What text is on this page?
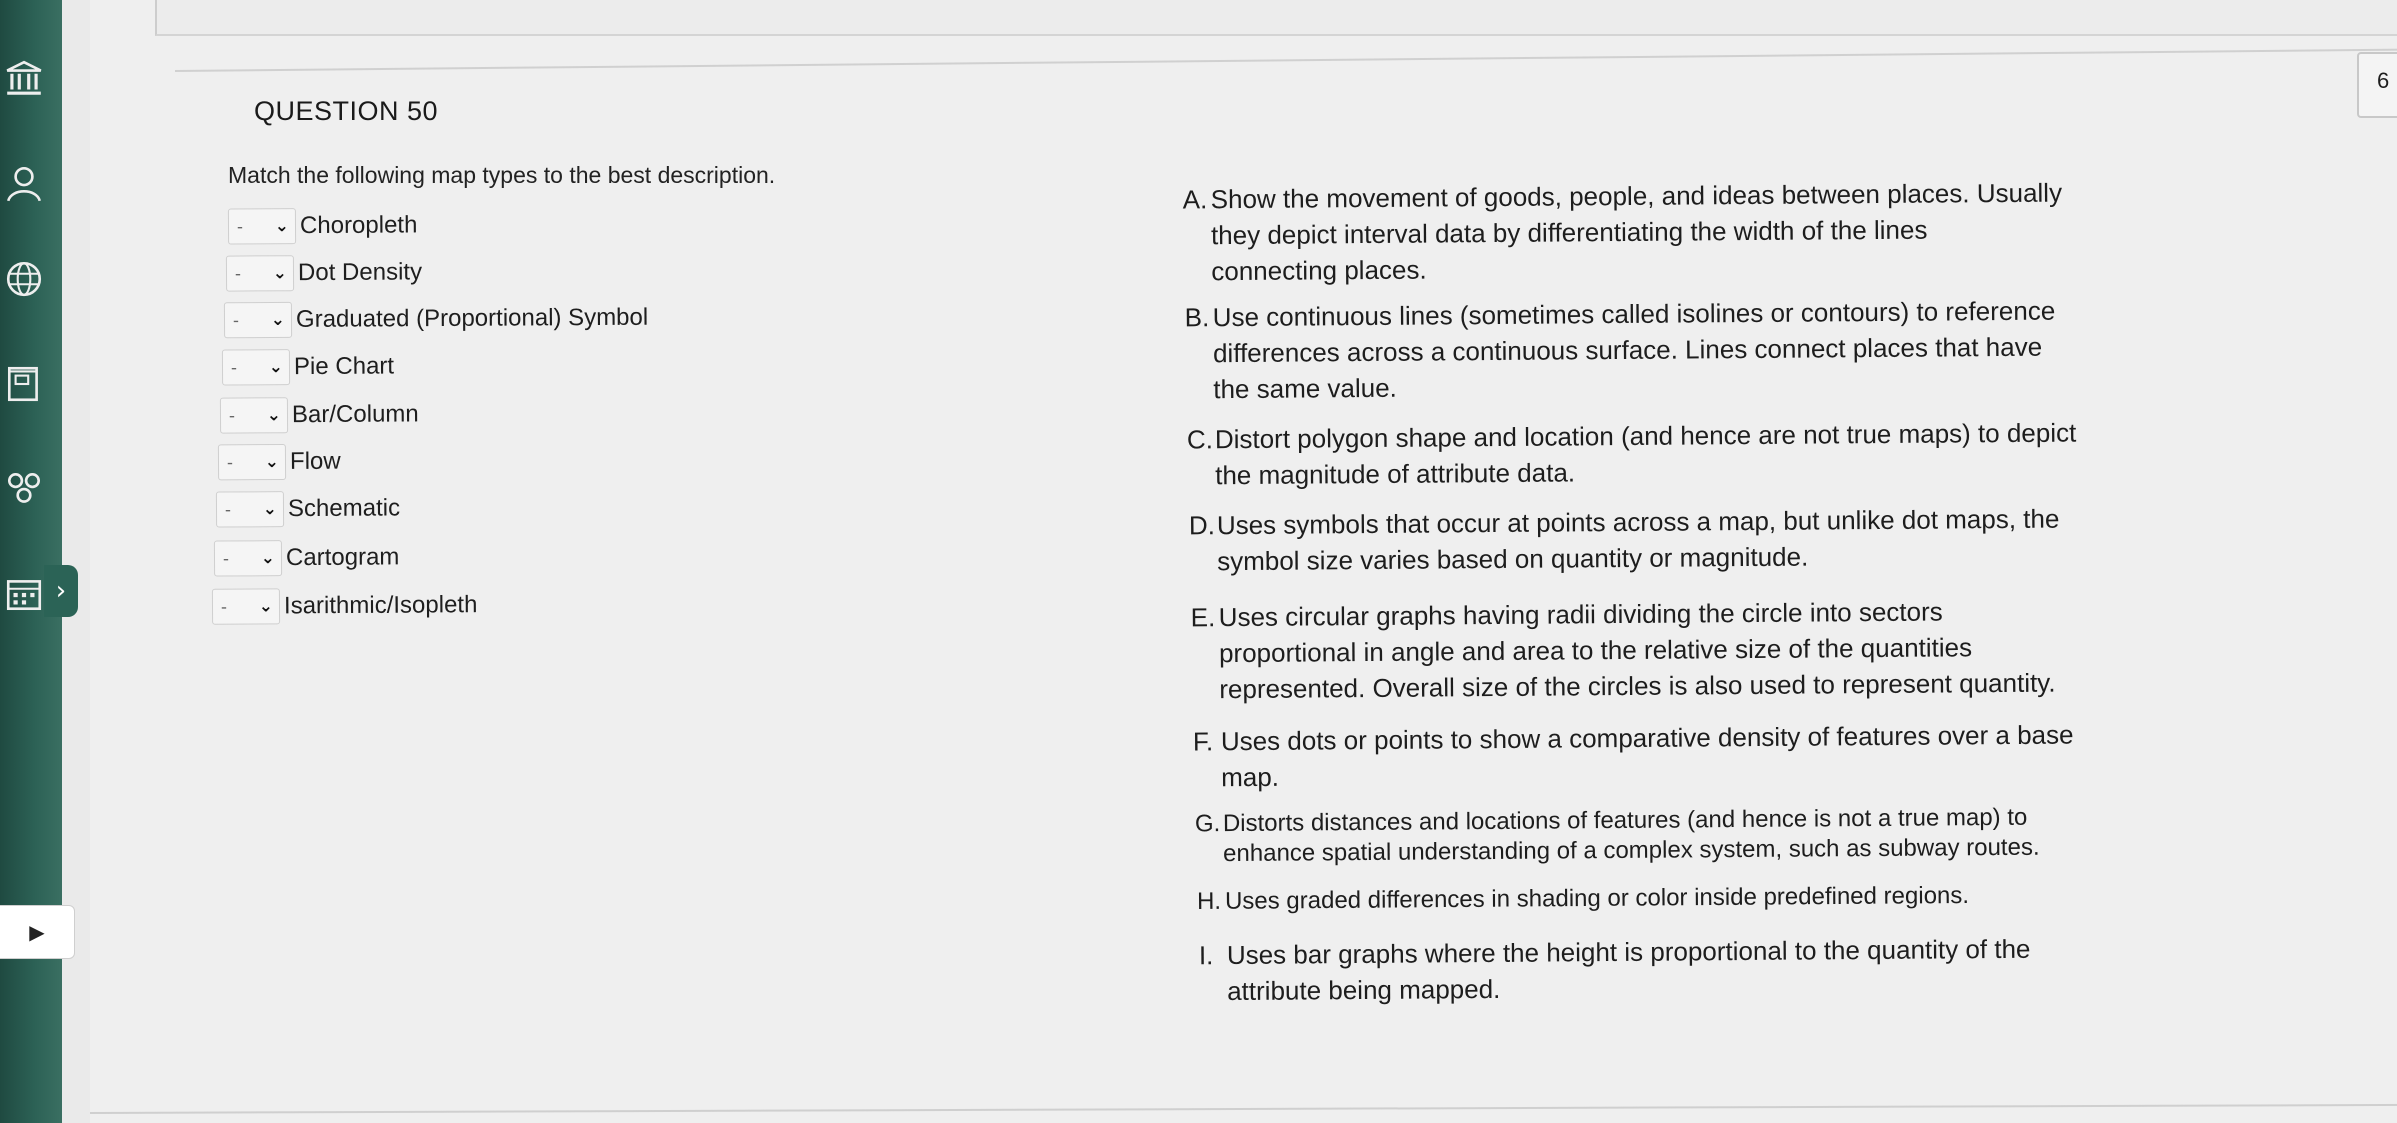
›
▶
6
QUESTION 50
Match the following map types to the best description.
- ⌄ Choropleth
- ⌄ Dot Density
- ⌄ Graduated (Proportional) Symbol
- ⌄ Pie Chart
- ⌄ Bar/Column
- ⌄ Flow
- ⌄ Schematic
- ⌄ Cartogram
- ⌄ Isarithmic/Isopleth
A. Show the movement of goods, people, and ideas between places. Usually
they depict interval data by differentiating the width of the lines
connecting places.
B. Use continuous lines (sometimes called isolines or contours) to reference
differences across a continuous surface. Lines connect places that have
the same value.
C.Distort polygon shape and location (and hence are not true maps) to depict
the magnitude of attribute data.
D.Uses symbols that occur at points across a map, but unlike dot maps, the
symbol size varies based on quantity or magnitude.
E. Uses circular graphs having radii dividing the circle into sectors
proportional in angle and area to the relative size of the quantities
represented. Overall size of the circles is also used to represent quantity.
F. Uses dots or points to show a comparative density of features over a base
map.
G. Distorts distances and locations of features (and hence is not a true map) to
enhance spatial understanding of a complex system, such as subway routes.
H. Uses graded differences in shading or color inside predefined regions.
I. Uses bar graphs where the height is proportional to the quantity of the
attribute being mapped.
